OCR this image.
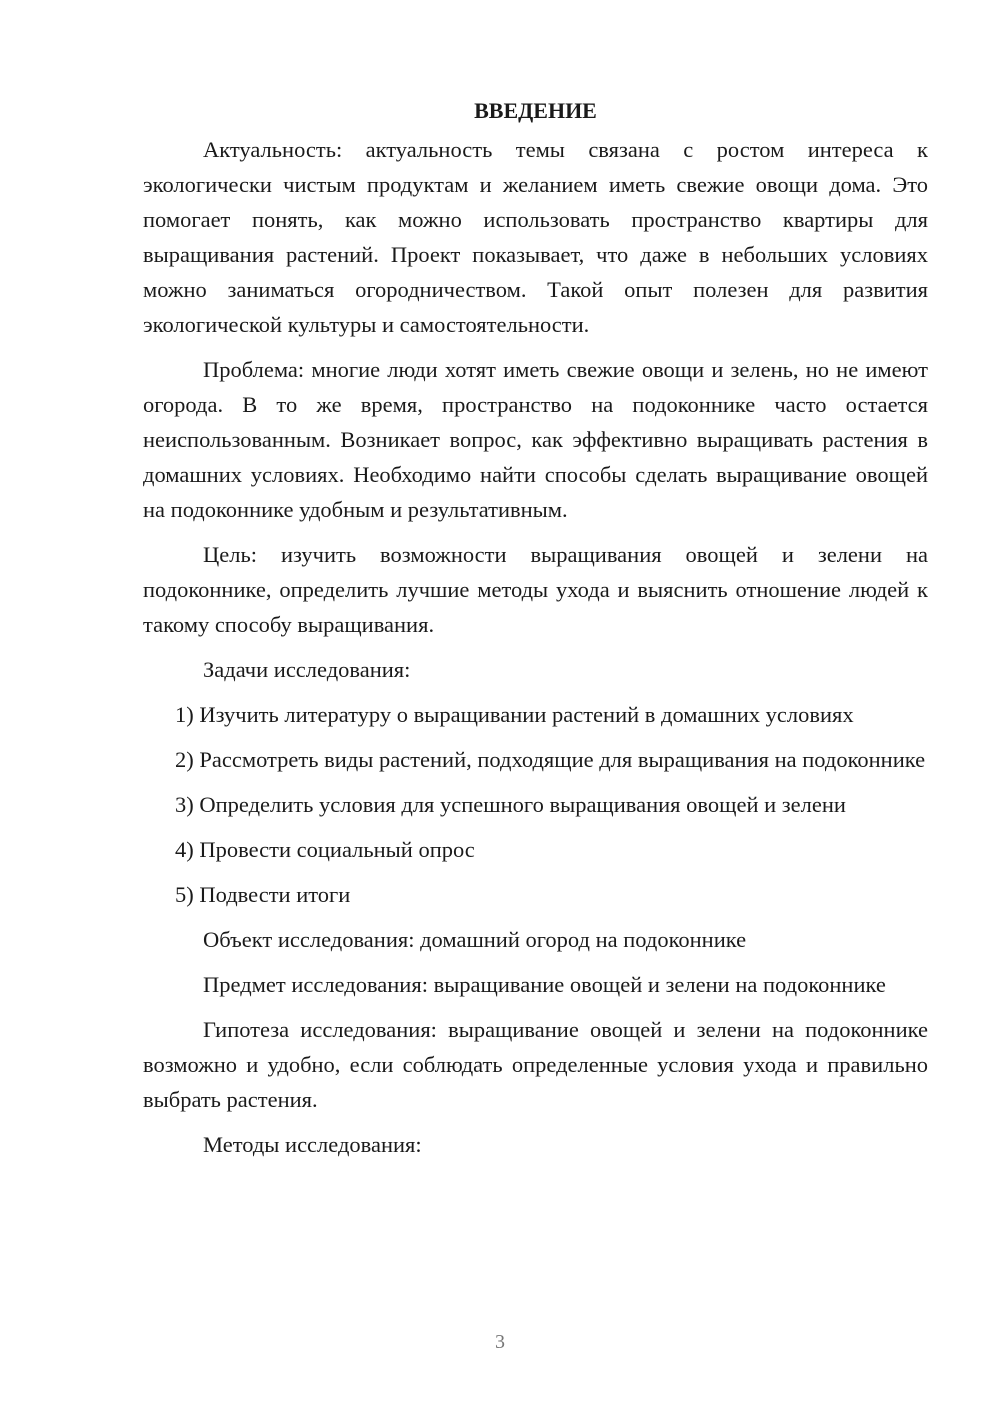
ВВЕДЕНИЕ

Актуальность: актуальность темы связана с ростом интереса к экологически чистым продуктам и желанием иметь свежие овощи дома. Это помогает понять, как можно использовать пространство квартиры для выращивания растений. Проект показывает, что даже в небольших условиях можно заниматься огородничеством. Такой опыт полезен для развития экологической культуры и самостоятельности.

Проблема: многие люди хотят иметь свежие овощи и зелень, но не имеют огорода. В то же время, пространство на подоконнике часто остается неиспользованным. Возникает вопрос, как эффективно выращивать растения в домашних условиях. Необходимо найти способы сделать выращивание овощей на подоконнике удобным и результативным.

Цель: изучить возможности выращивания овощей и зелени на подоконнике, определить лучшие методы ухода и выяснить отношение людей к такому способу выращивания.

Задачи исследования:

1) Изучить литературу о выращивании растений в домашних условиях

2) Рассмотреть виды растений, подходящие для выращивания на подоконнике

3) Определить условия для успешного выращивания овощей и зелени

4) Провести социальный опрос

5) Подвести итоги

Объект исследования: домашний огород на подоконнике

Предмет исследования: выращивание овощей и зелени на подоконнике

Гипотеза исследования: выращивание овощей и зелени на подоконнике возможно и удобно, если соблюдать определенные условия ухода и правильно выбрать растения.

Методы исследования:

3
